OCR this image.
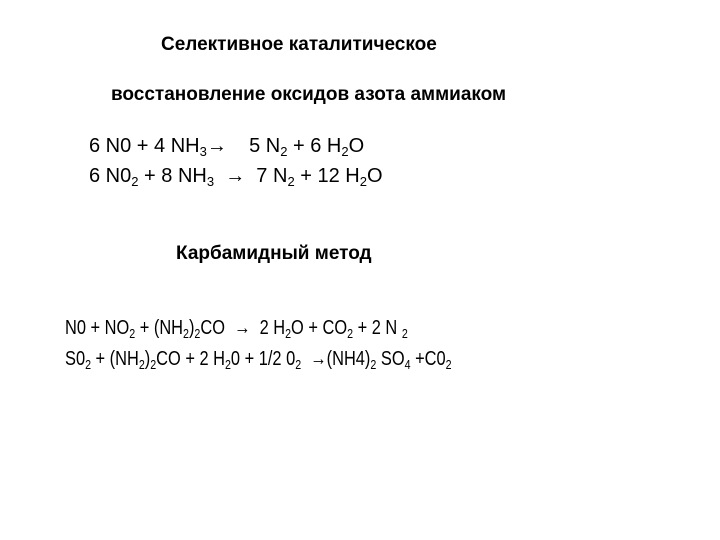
Селективное каталитическое
восстановление оксидов азота аммиаком
6 N0 + 4 $NH_3\to$    5 $N_2 + 6$ $H_2O$
6 $N0_2 + 8$ $NH_3 \to 7$ $N_2 + 12$ $H_2O$
Карбамидный метод
$N0 + NO_2 + (NH_2)_2CO \to 2$ $H_2O + CO_2 + 2$ N $_2$
$S0_2 + (NH_2)_2CO + 2$ $H_20 + 1/2$ $0_2 \to(NH4)_2$ $SO_4 +C0_2$
